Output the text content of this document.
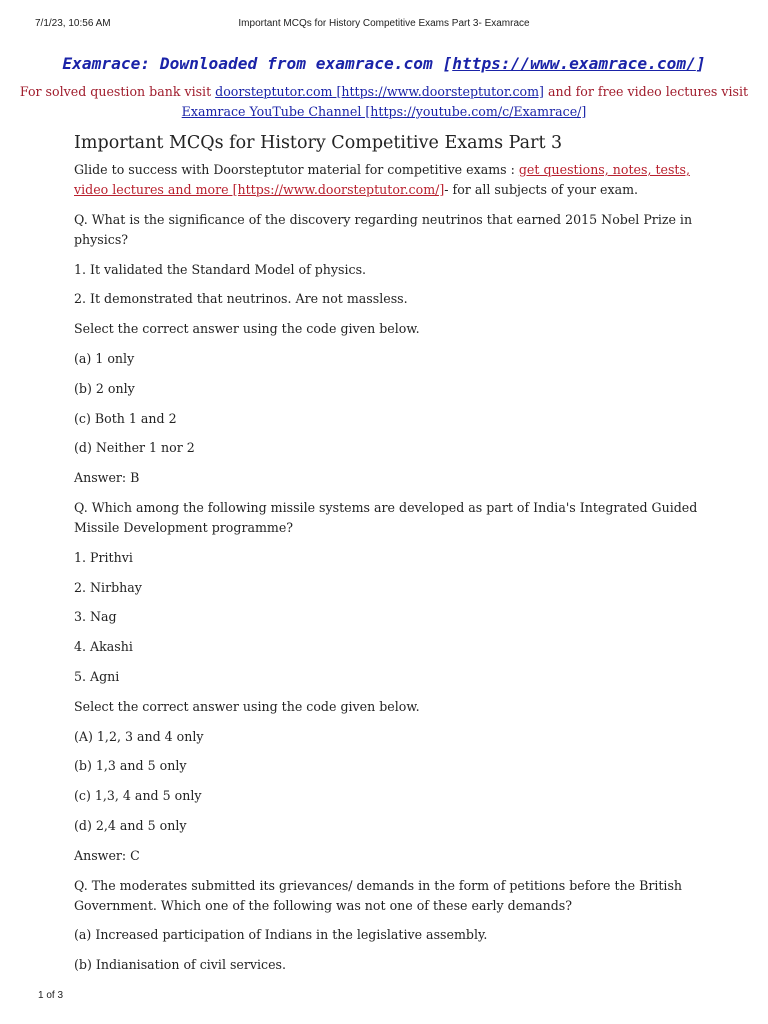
7/1/23, 10:56 AM	Important MCQs for History Competitive Exams Part 3- Examrace
Examrace: Downloaded from examrace.com [https://www.examrace.com/]
For solved question bank visit doorsteptutor.com [https://www.doorsteptutor.com] and for free video lectures visit Examrace YouTube Channel [https://youtube.com/c/Examrace/]
Important MCQs for History Competitive Exams Part 3

Glide to success with Doorsteptutor material for competitive exams : get questions, notes, tests, video lectures and more [https://www.doorsteptutor.com/]- for all subjects of your exam.

Q. What is the significance of the discovery regarding neutrinos that earned 2015 Nobel Prize in physics?

1. It validated the Standard Model of physics.

2. It demonstrated that neutrinos. Are not massless.

Select the correct answer using the code given below.

(a) 1 only

(b) 2 only

(c) Both 1 and 2

(d) Neither 1 nor 2

Answer: B

Q. Which among the following missile systems are developed as part of India's Integrated Guided Missile Development programme?

1. Prithvi

2. Nirbhay

3. Nag

4. Akashi

5. Agni

Select the correct answer using the code given below.

(A) 1,2, 3 and 4 only

(b) 1,3 and 5 only

(c) 1,3, 4 and 5 only

(d) 2,4 and 5 only

Answer: C

Q. The moderates submitted its grievances/ demands in the form of petitions before the British Government. Which one of the following was not one of these early demands?

(a) Increased participation of Indians in the legislative assembly.

(b) Indianisation of civil services.

1 of 3
